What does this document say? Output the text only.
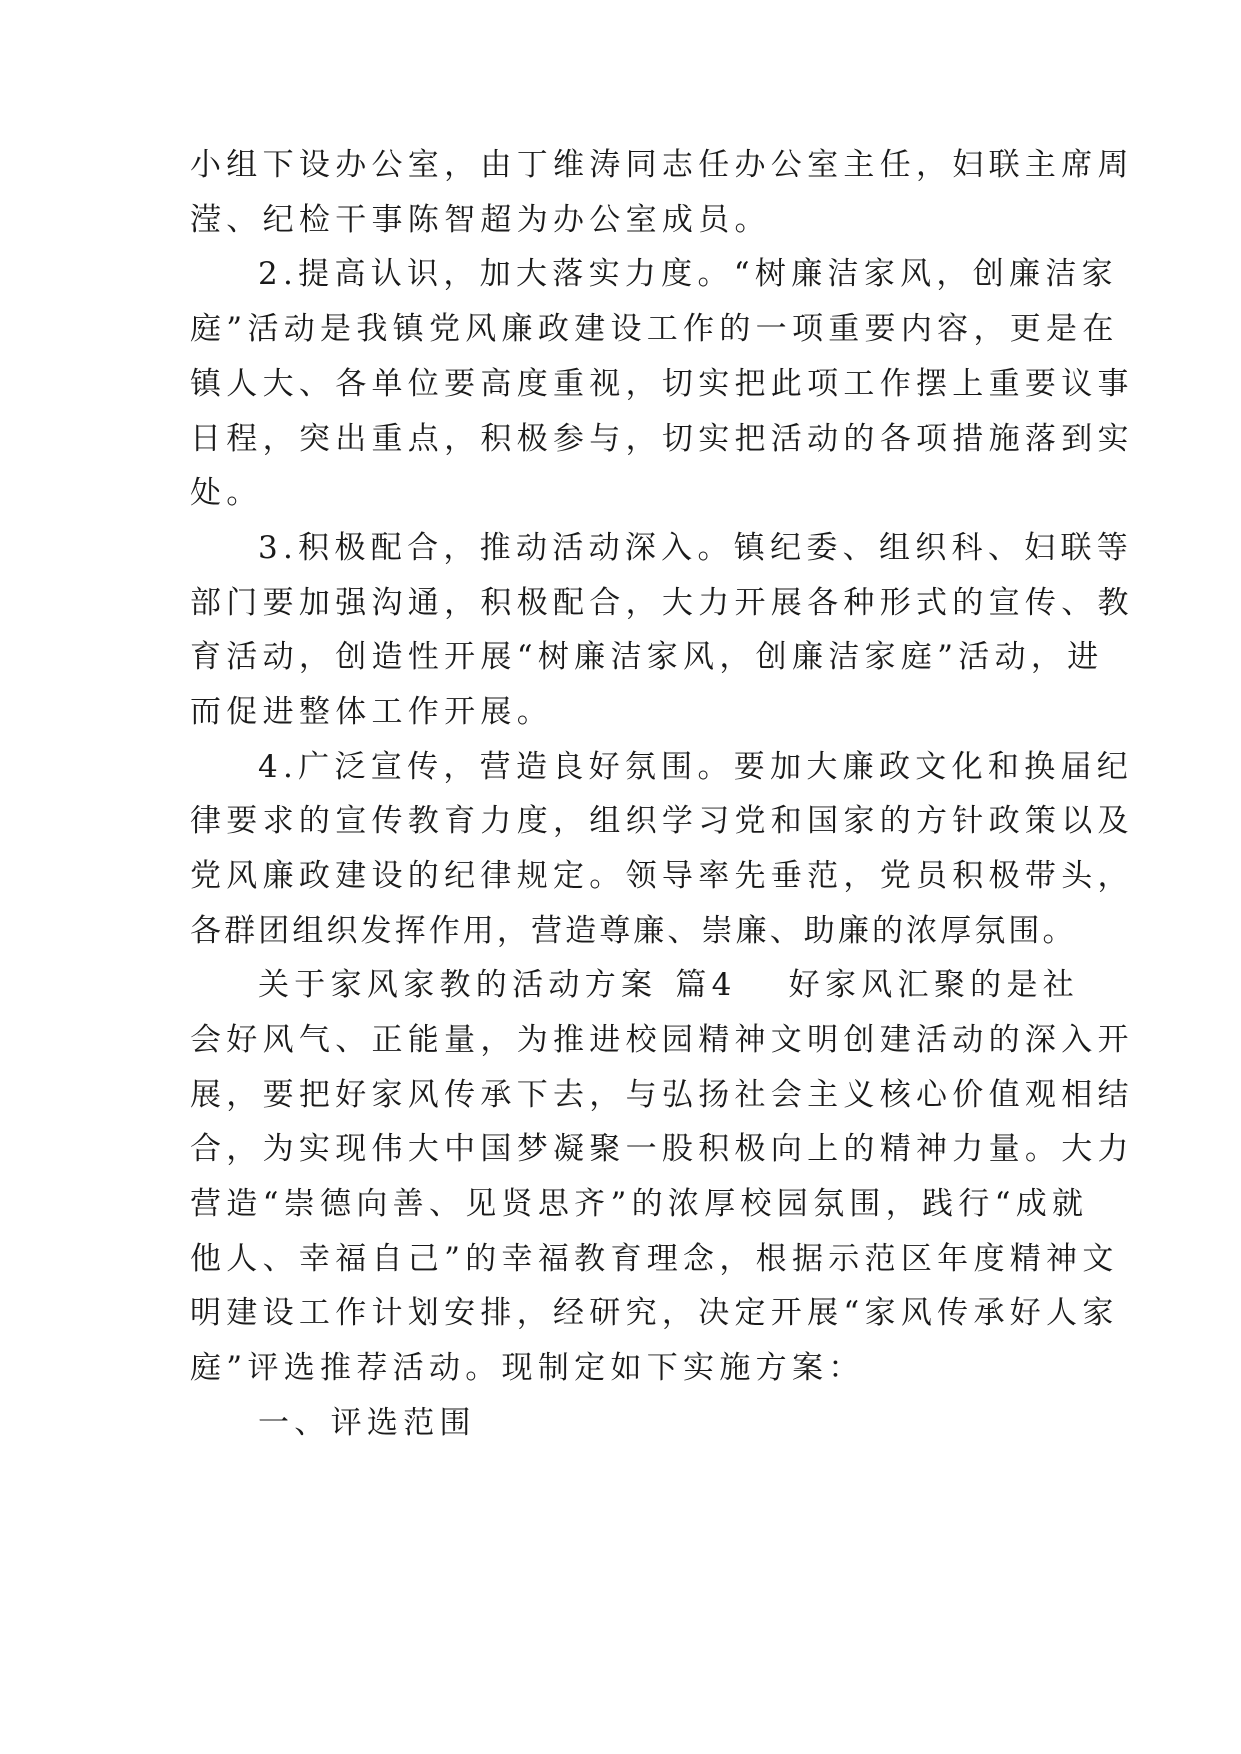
小组下设办公室，由丁维涛同志任办公室主任，妇联主席周
滢、纪检干事陈智超为办公室成员。
2.提高认识，加大落实力度。“树廉洁家风，创廉洁家
庭”活动是我镇党风廉政建设工作的一项重要内容，更是在
镇人大、各单位要高度重视，切实把此项工作摆上重要议事
日程，突出重点，积极参与，切实把活动的各项措施落到实
处。
3.积极配合，推动活动深入。镇纪委、组织科、妇联等
部门要加强沟通，积极配合，大力开展各种形式的宣传、教
育活动，创造性开展“树廉洁家风，创廉洁家庭”活动，进
而促进整体工作开展。
4.广泛宣传，营造良好氛围。要加大廉政文化和换届纪
律要求的宣传教育力度，组织学习党和国家的方针政策以及
党风廉政建设的纪律规定。领导率先垂范，党员积极带头，
各群团组织发挥作用，营造尊廉、崇廉、助廉的浓厚氛围。
关于家风家教的活动方案 篇4 好家风汇聚的是社
会好风气、正能量，为推进校园精神文明创建活动的深入开
展，要把好家风传承下去，与弘扬社会主义核心价值观相结
合，为实现伟大中国梦凝聚一股积极向上的精神力量。大力
营造“崇德向善、见贤思齐”的浓厚校园氛围，践行“成就
他人、幸福自己”的幸福教育理念，根据示范区年度精神文
明建设工作计划安排，经研究，决定开展“家风传承好人家
庭”评选推荐活动。现制定如下实施方案：
一、评选范围
